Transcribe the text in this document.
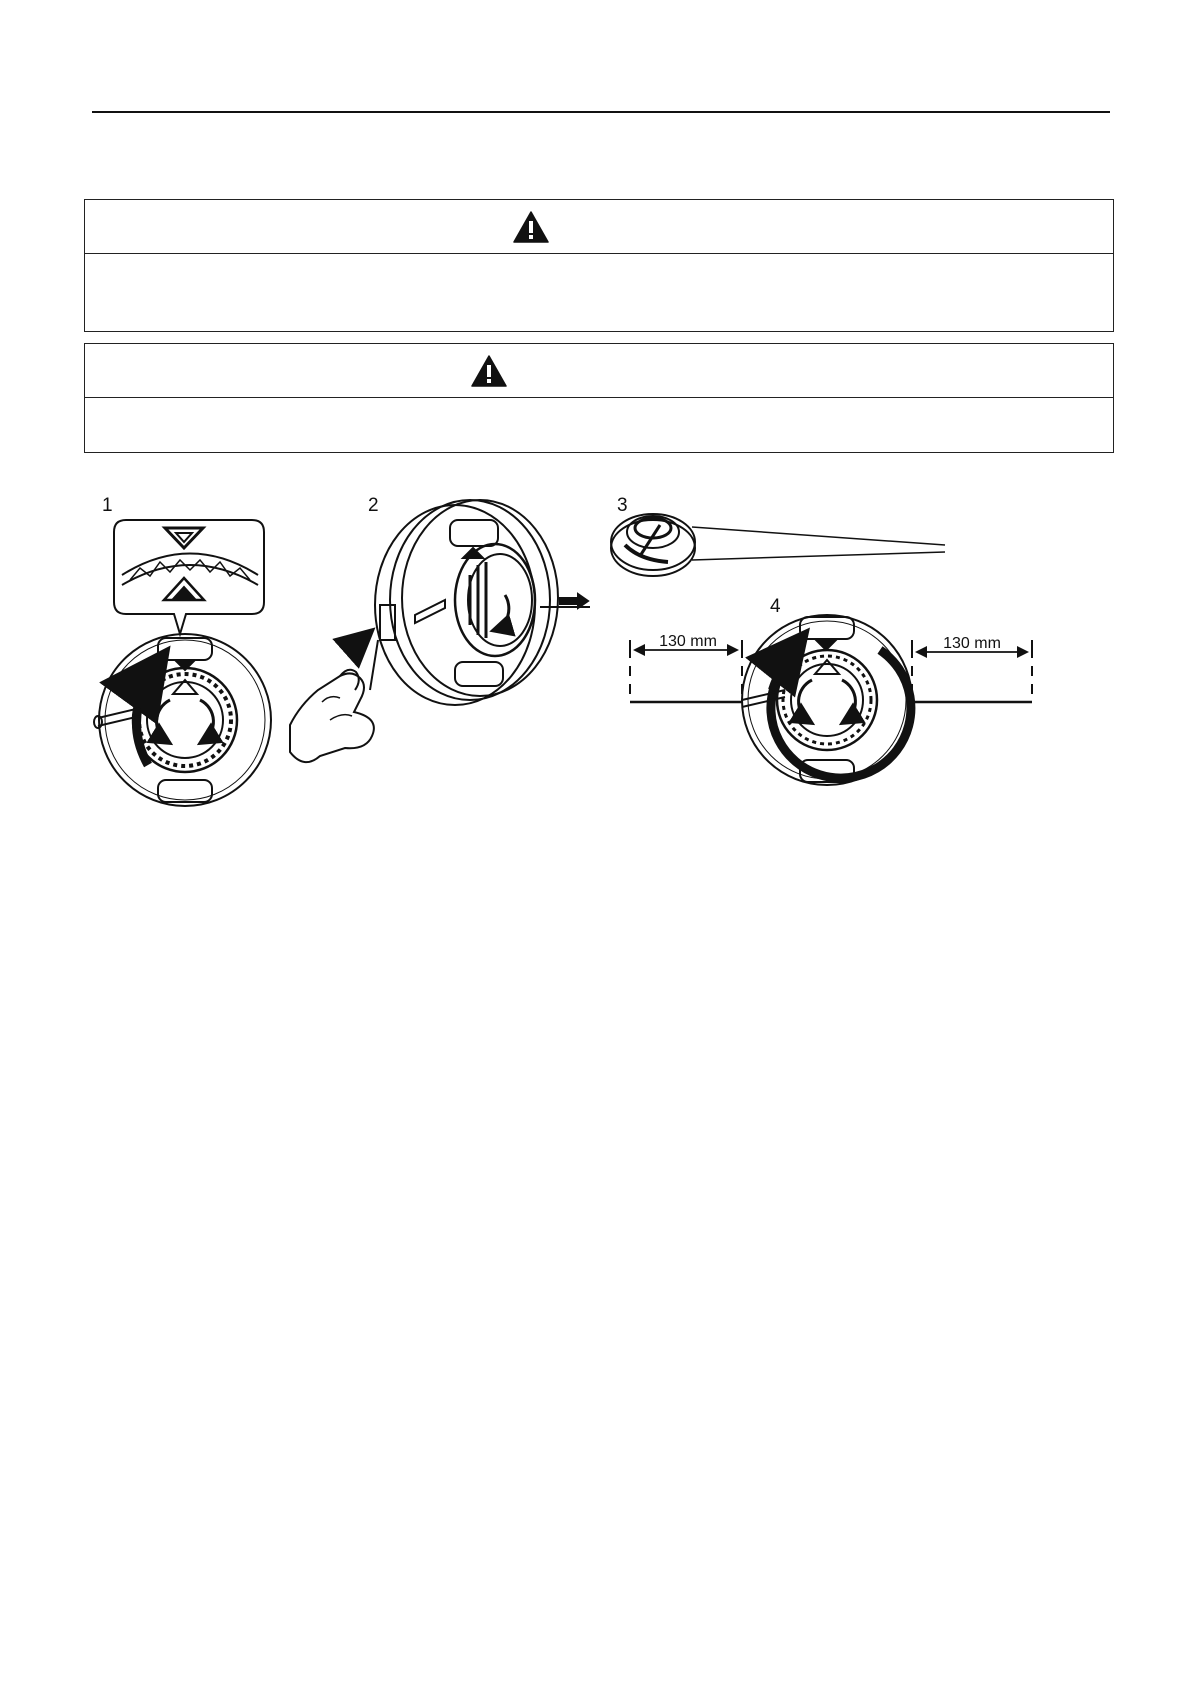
1	2	3
4
130 mm	130 mm
